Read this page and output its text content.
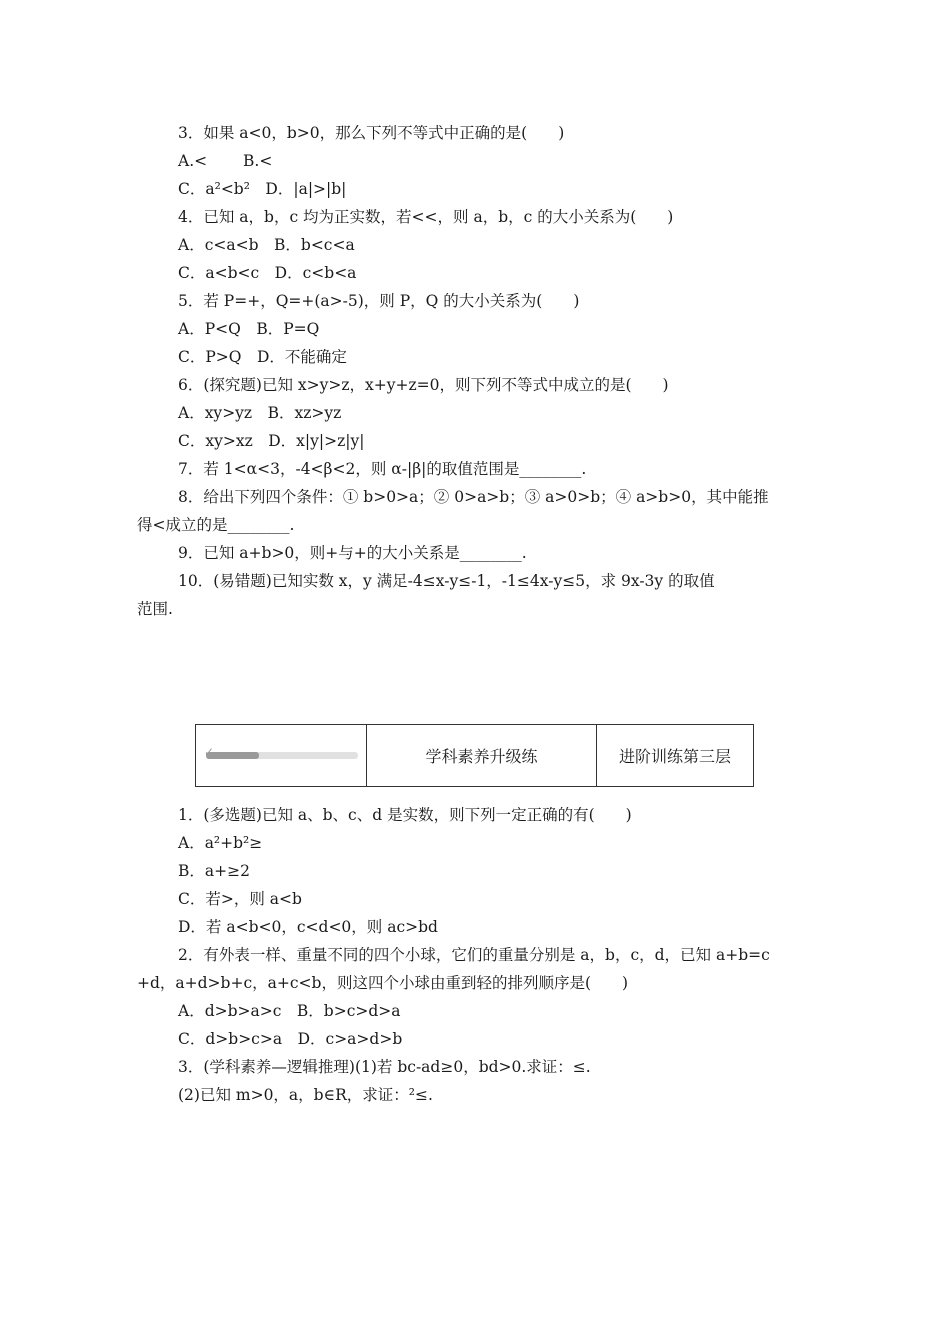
3．如果 a<0，b>0，那么下列不等式中正确的是(　　)
A.<　　 B.<
C．a²<b²　D．|a|>|b|
4．已知 a，b，c 均为正实数，若<<，则 a，b，c 的大小关系为(　　)
A．c<a<b　B．b<c<a
C．a<b<c　D．c<b<a
5．若 P=+，Q=+(a>-5)，则 P，Q 的大小关系为(　　)
A．P<Q　B．P=Q
C．P>Q　D．不能确定
6．(探究题)已知 x>y>z，x+y+z=0，则下列不等式中成立的是(　　)
A．xy>yz　B．xz>yz
C．xy>xz　D．x|y|>z|y|
7．若 1<α<3，-4<β<2，则 α-|β|的取值范围是________.
8．给出下列四个条件：① b>0>a；② 0>a>b；③ a>0>b；④ a>b>0，其中能推
得<成立的是________.
9．已知 a+b>0，则+与+的大小关系是________.
10．(易错题)已知实数 x，y 满足-4≤x-y≤-1，-1≤4x-y≤5，求 9x-3y 的取值
范围.
✓	学科素养升级练	进阶训练第三层
1．(多选题)已知 a、b、c、d 是实数，则下列一定正确的有(　　)
A．a²+b²≥
B．a+≥2
C．若>，则 a<b
D．若 a<b<0，c<d<0，则 ac>bd
2．有外表一样、重量不同的四个小球，它们的重量分别是 a，b，c，d，已知 a+b=c
+d，a+d>b+c，a+c<b，则这四个小球由重到轻的排列顺序是(　　)
A．d>b>a>c　B．b>c>d>a
C．d>b>c>a　D．c>a>d>b
3．(学科素养—逻辑推理)(1)若 bc-ad≥0，bd>0.求证：≤.
(2)已知 m>0，a，b∈R，求证：²≤.
